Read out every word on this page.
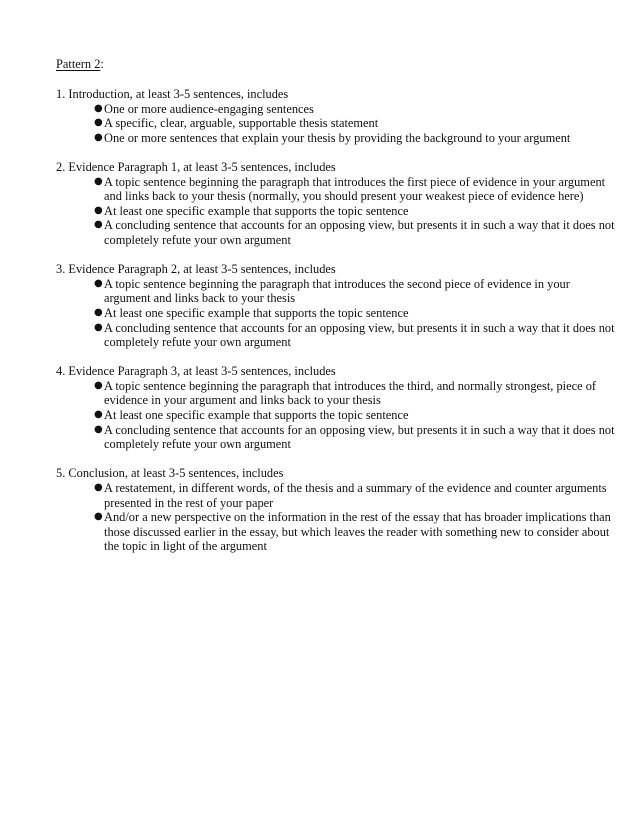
Pattern 2:

1. Introduction, at least 3-5 sentences, includes

● One or more audience-engaging sentences
● A specific, clear, arguable, supportable thesis statement
● One or more sentences that explain your thesis by providing the background to your argument

2. Evidence Paragraph 1, at least 3-5 sentences, includes

● A topic sentence beginning the paragraph that introduces the first piece of evidence in your argument and links back to your thesis (normally, you should present your weakest piece of evidence here)
● At least one specific example that supports the topic sentence
● A concluding sentence that accounts for an opposing view, but presents it in such a way that it does not completely refute your own argument

3. Evidence Paragraph 2, at least 3-5 sentences, includes

● A topic sentence beginning the paragraph that introduces the second piece of evidence in your argument and links back to your thesis
● At least one specific example that supports the topic sentence
● A concluding sentence that accounts for an opposing view, but presents it in such a way that it does not completely refute your own argument

4. Evidence Paragraph 3, at least 3-5 sentences, includes

● A topic sentence beginning the paragraph that introduces the third, and normally strongest, piece of evidence in your argument and links back to your thesis
● At least one specific example that supports the topic sentence
● A concluding sentence that accounts for an opposing view, but presents it in such a way that it does not completely refute your own argument

5. Conclusion, at least 3-5 sentences, includes

● A restatement, in different words, of the thesis and a summary of the evidence and counter arguments presented in the rest of your paper
● And/or a new perspective on the information in the rest of the essay that has broader implications than those discussed earlier in the essay, but which leaves the reader with something new to consider about the topic in light of the argument
